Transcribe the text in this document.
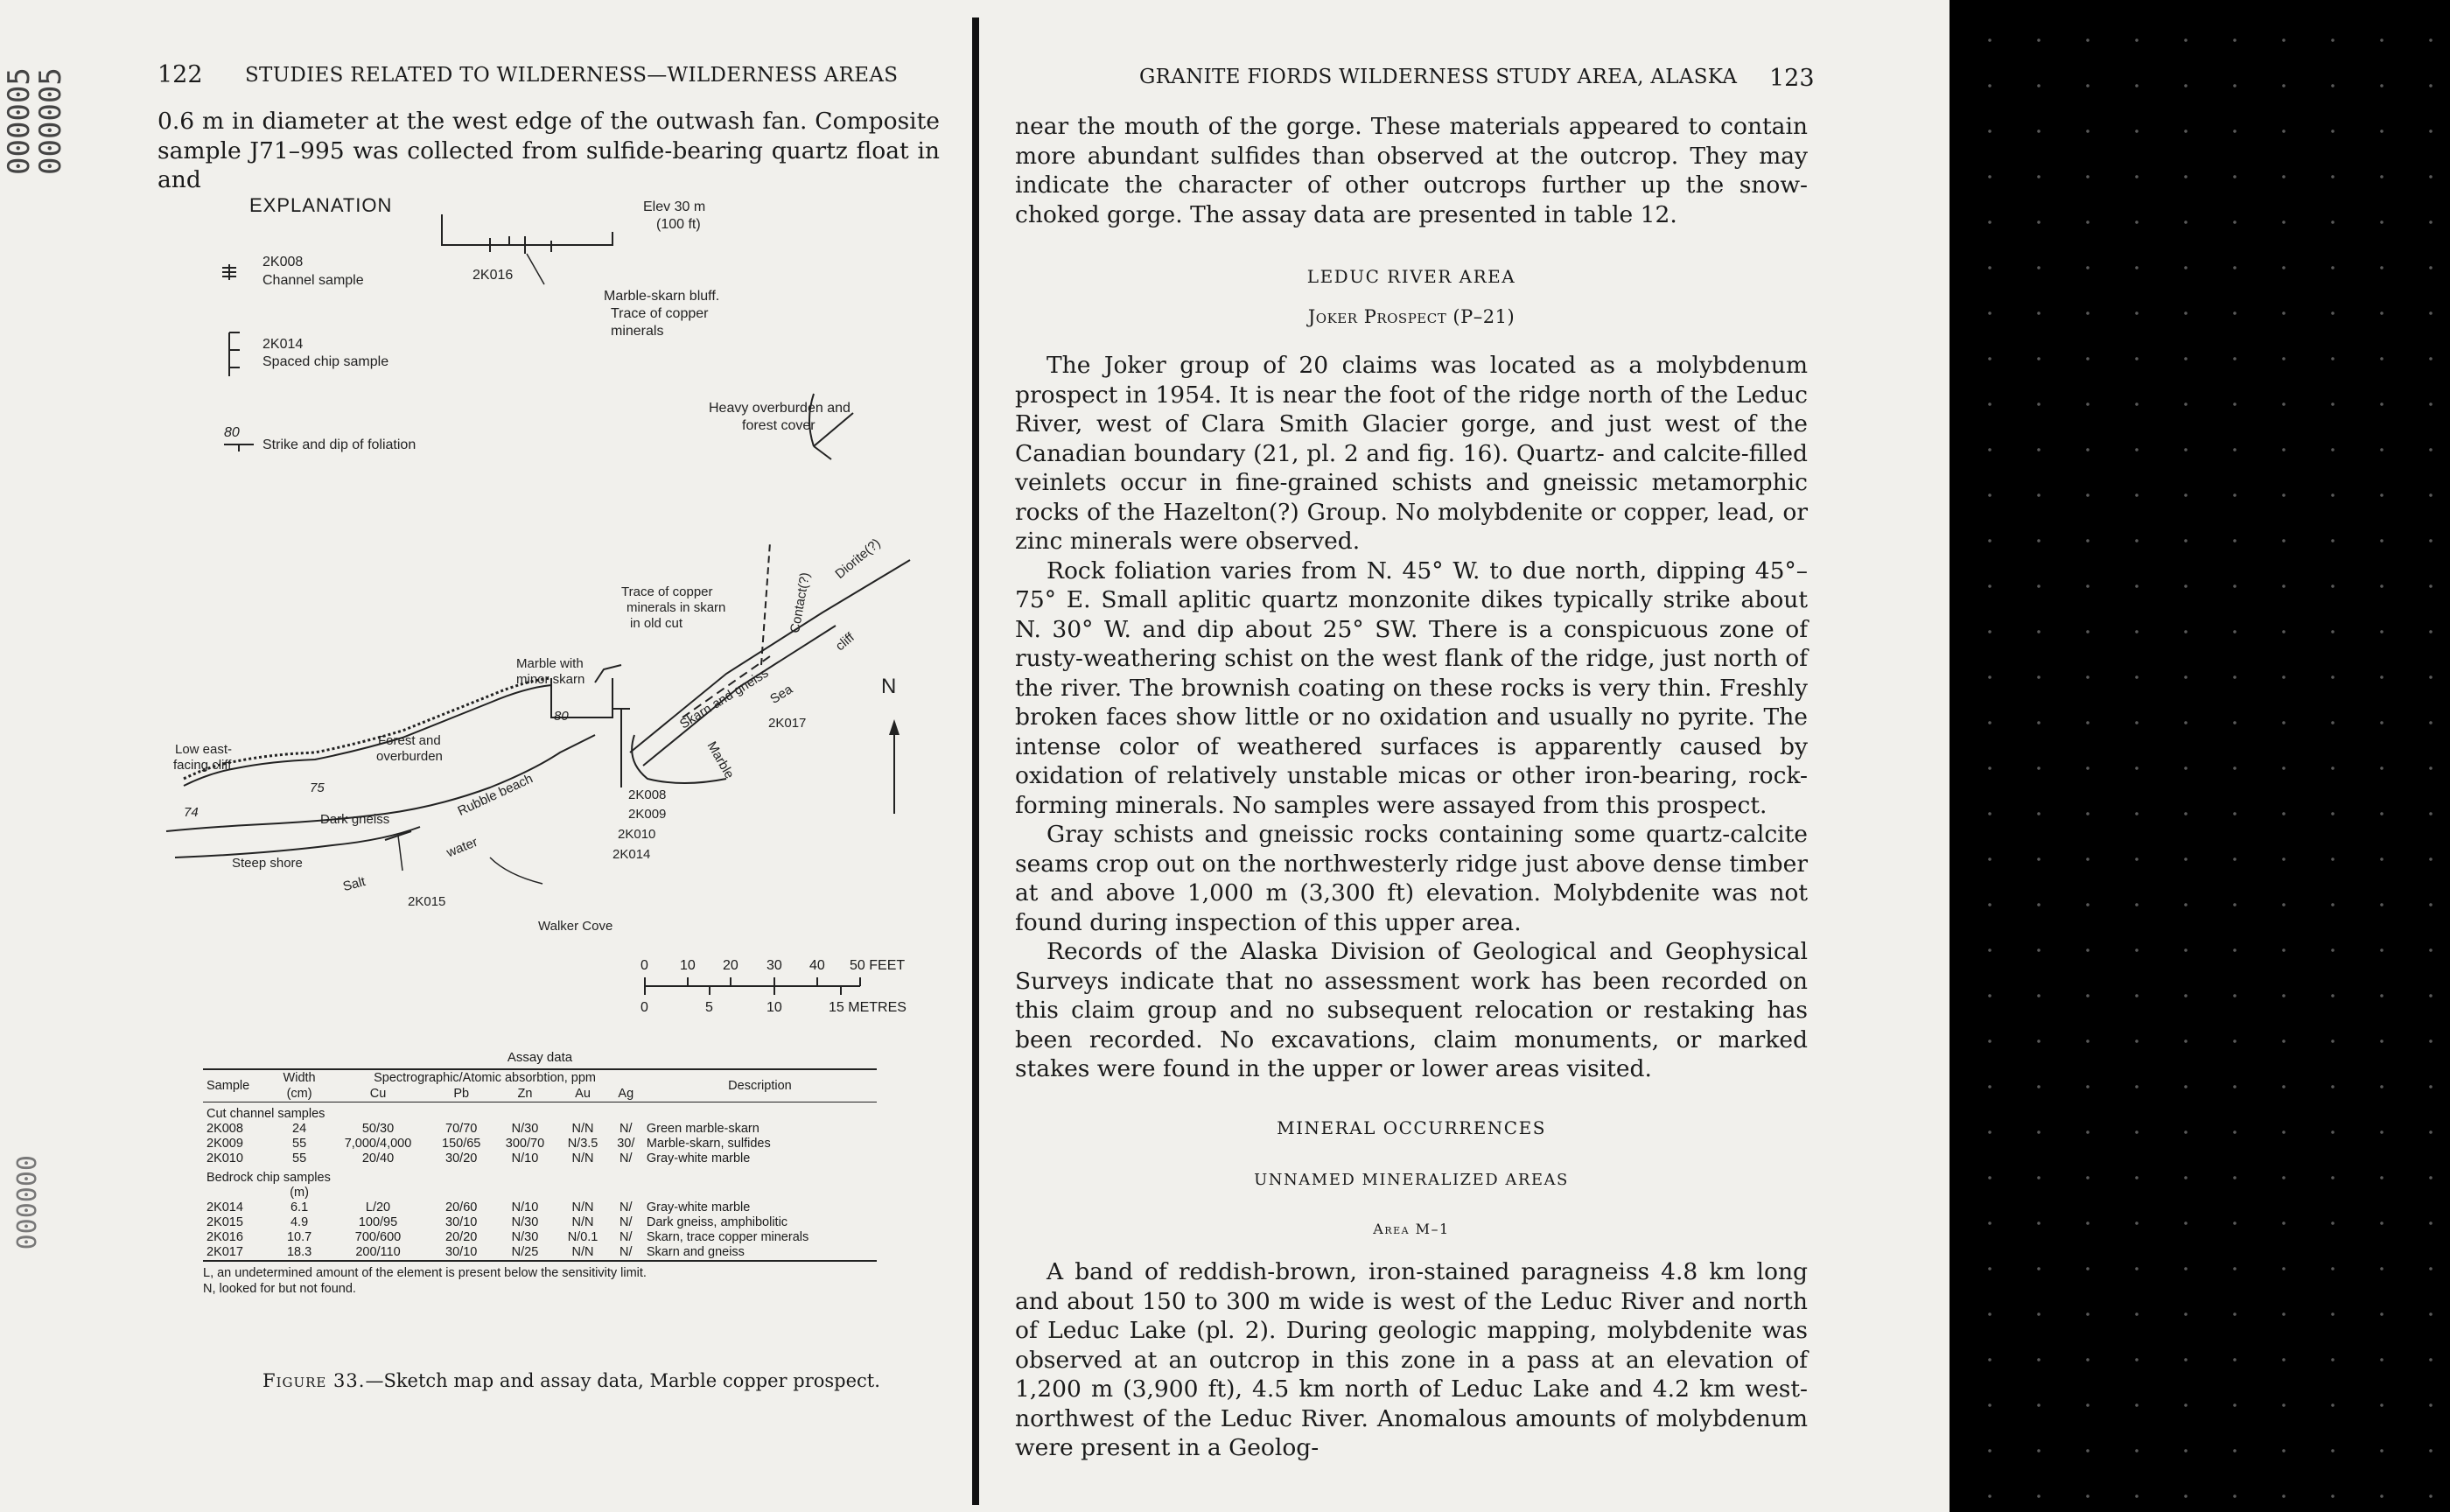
000005 000005
000000
122 STUDIES RELATED TO WILDERNESS—WILDERNESS AREAS

0.6 m in diameter at the west edge of the outwash fan. Composite sample J71–995 was collected from sulfide-bearing quartz float in and

EXPLANATION
2K008
Channel sample
2K014
Spaced chip sample
80
Strike and dip of foliation
Elev 30 m
(100 ft)
2K016
Marble-skarn bluff.
Trace of copper
minerals
Heavy overburden and
forest cover
Trace of copper
minerals in skarn
in old cut	Contact(?)
Diorite(?)
cliff
Marble with
minor skarn	Skarn and gneiss
Sea
2K017
N
Forest and
overburden
80
Low east-
facing cliff
75
74
Marble
Rubble beach
Dark gneiss
2K008
2K009
2K010
2K014
water
Steep shore
Salt
2K015
Walker Cove
0 10 20 30 40 50 FEET
0	5	10	15 METRES
Assay data
Sample	Width	Spectrographic/Atomic absorbtion, ppm					Description
	(cm)	Cu	Pb	Zn	Au	Ag	
Cut channel samples							
2K008	24	50/30	70/70	N/30	N/N	N/	Green marble-skarn
2K009	55	7,000/4,000	150/65	300/70	N/3.5	30/	Marble-skarn, sulfides
2K010	55	20/40	30/20	N/10	N/N	N/	Gray-white marble
Bedrock chip samples							
	(m)						
2K014	6.1	L/20	20/60	N/10	N/N	N/	Gray-white marble
2K015	4.9	100/95	30/10	N/30	N/N	N/	Dark gneiss, amphibolitic
2K016	10.7	700/600	20/20	N/30	N/0.1	N/	Skarn, trace copper minerals
2K017	18.3	200/110	30/10	N/25	N/N	N/	Skarn and gneiss
L, an undetermined amount of the element is present below the sensitivity limit.
N, looked for but not found.
Figure 33.—Sketch map and assay data, Marble copper prospect.
GRANITE FIORDS WILDERNESS STUDY AREA, ALASKA 123

near the mouth of the gorge. These materials appeared to contain more abundant sulfides than observed at the outcrop. They may indicate the character of other outcrops further up the snow-choked gorge. The assay data are presented in table 12.

LEDUC RIVER AREA

Joker Prospect (P–21)

The Joker group of 20 claims was located as a molybdenum prospect in 1954. It is near the foot of the ridge north of the Leduc River, west of Clara Smith Glacier gorge, and just west of the Canadian boundary (21, pl. 2 and fig. 16). Quartz- and calcite-filled veinlets occur in fine-grained schists and gneissic metamorphic rocks of the Hazelton(?) Group. No molybdenite or copper, lead, or zinc minerals were observed.

Rock foliation varies from N. 45° W. to due north, dipping 45°–75° E. Small aplitic quartz monzonite dikes typically strike about N. 30° W. and dip about 25° SW. There is a conspicuous zone of rusty-weathering schist on the west flank of the ridge, just north of the river. The brownish coating on these rocks is very thin. Freshly broken faces show little or no oxidation and usually no pyrite. The intense color of weathered surfaces is apparently caused by oxidation of relatively unstable micas or other iron-bearing, rock-forming minerals. No samples were assayed from this prospect.

Gray schists and gneissic rocks containing some quartz-calcite seams crop out on the northwesterly ridge just above dense timber at and above 1,000 m (3,300 ft) elevation. Molybdenite was not found during inspection of this upper area.

Records of the Alaska Division of Geological and Geophysical Surveys indicate that no assessment work has been recorded on this claim group and no subsequent relocation or restaking has been recorded. No excavations, claim monuments, or marked stakes were found in the upper or lower areas visited.

MINERAL OCCURRENCES

UNNAMED MINERALIZED AREAS

Area M–1

A band of reddish-brown, iron-stained paragneiss 4.8 km long and about 150 to 300 m wide is west of the Leduc River and north of Leduc Lake (pl. 2). During geologic mapping, molybdenite was observed at an outcrop in this zone in a pass at an elevation of 1,200 m (3,900 ft), 4.5 km north of Leduc Lake and 4.2 km west-northwest of the Leduc River. Anomalous amounts of molybdenum were present in a Geolog-
